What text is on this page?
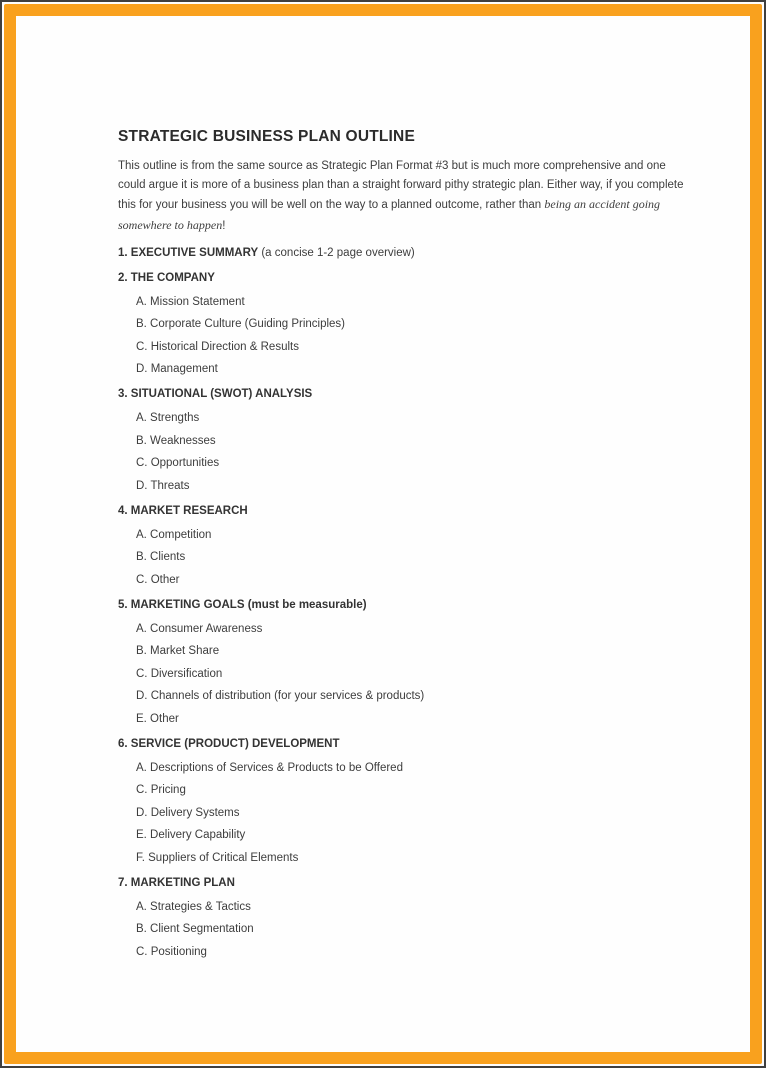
STRATEGIC BUSINESS PLAN OUTLINE

This outline is from the same source as Strategic Plan Format #3 but is much more comprehensive and one could argue it is more of a business plan than a straight forward pithy strategic plan. Either way, if you complete this for your business you will be well on the way to a planned outcome, rather than being an accident going somewhere to happen!

1. EXECUTIVE SUMMARY (a concise 1-2 page overview)

2. THE COMPANY

A. Mission Statement

B. Corporate Culture (Guiding Principles)

C. Historical Direction & Results

D. Management

3. SITUATIONAL (SWOT) ANALYSIS

A. Strengths

B. Weaknesses

C. Opportunities

D. Threats

4. MARKET RESEARCH

A. Competition

B. Clients

C. Other

5. MARKETING GOALS (must be measurable)

A. Consumer Awareness

B. Market Share

C. Diversification

D. Channels of distribution (for your services & products)

E. Other

6. SERVICE (PRODUCT) DEVELOPMENT

A. Descriptions of Services & Products to be Offered

C. Pricing

D. Delivery Systems

E. Delivery Capability

F. Suppliers of Critical Elements

7. MARKETING PLAN

A. Strategies & Tactics

B. Client Segmentation

C. Positioning
